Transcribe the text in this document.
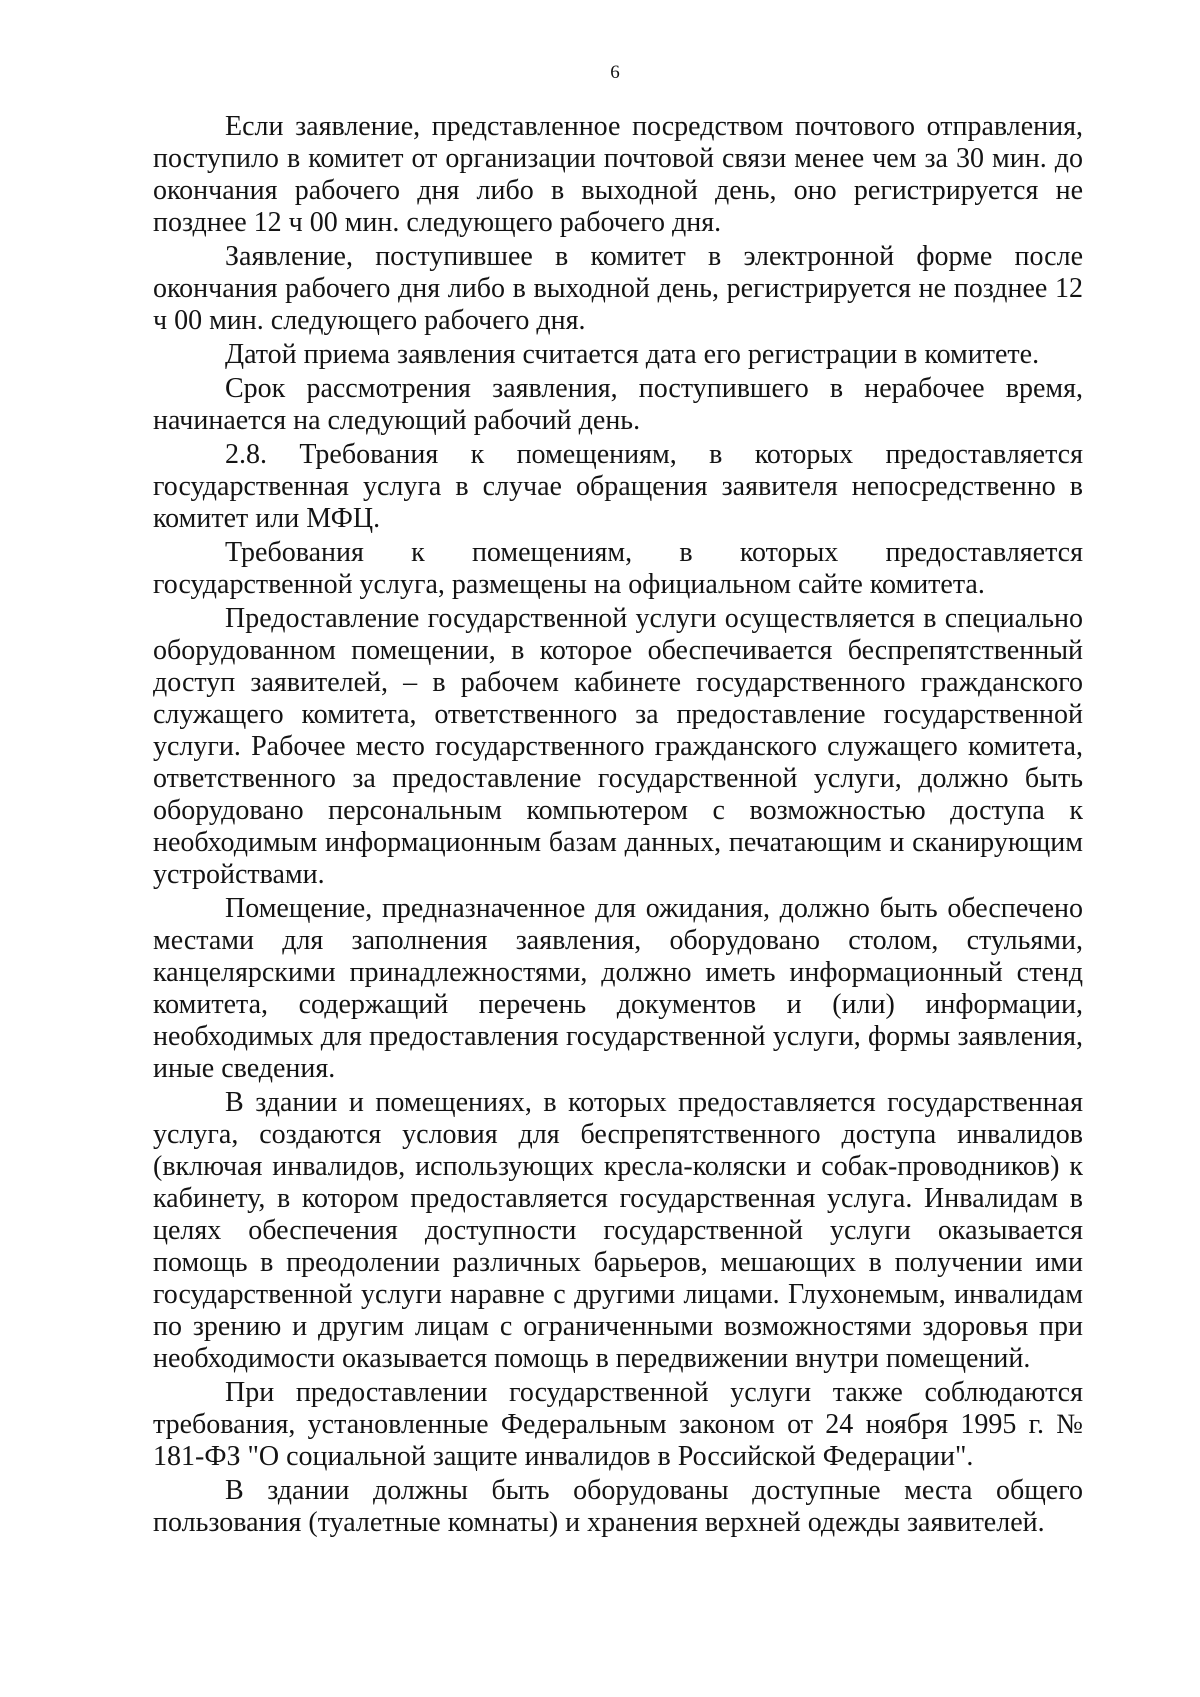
6

Если заявление, представленное посредством почтового отправления, поступило в комитет от организации почтовой связи менее чем за 30 мин. до окончания рабочего дня либо в выходной день, оно регистрируется не позднее 12 ч 00 мин. следующего рабочего дня.

Заявление, поступившее в комитет в электронной форме после окончания рабочего дня либо в выходной день, регистрируется не позднее 12 ч 00 мин. следующего рабочего дня.

Датой приема заявления считается дата его регистрации в комитете.

Срок рассмотрения заявления, поступившего в нерабочее время, начинается на следующий рабочий день.

2.8. Требования к помещениям, в которых предоставляется государственная услуга в случае обращения заявителя непосредственно в комитет или МФЦ.

Требования к помещениям, в которых предоставляется государственной услуга, размещены на официальном сайте комитета.

Предоставление государственной услуги осуществляется в специально оборудованном помещении, в которое обеспечивается беспрепятственный доступ заявителей, – в рабочем кабинете государственного гражданского служащего комитета, ответственного за предоставление государственной услуги. Рабочее место государственного гражданского служащего комитета, ответственного за предоставление государственной услуги, должно быть оборудовано персональным компьютером с возможностью доступа к необходимым информационным базам данных, печатающим и сканирующим устройствами.

Помещение, предназначенное для ожидания, должно быть обеспечено местами для заполнения заявления, оборудовано столом, стульями, канцелярскими принадлежностями, должно иметь информационный стенд комитета, содержащий перечень документов и (или) информации, необходимых для предоставления государственной услуги, формы заявления, иные сведения.

В здании и помещениях, в которых предоставляется государственная услуга, создаются условия для беспрепятственного доступа инвалидов (включая инвалидов, использующих кресла-коляски и собак-проводников) к кабинету, в котором предоставляется государственная услуга. Инвалидам в целях обеспечения доступности государственной услуги оказывается помощь в преодолении различных барьеров, мешающих в получении ими государственной услуги наравне с другими лицами. Глухонемым, инвалидам по зрению и другим лицам с ограниченными возможностями здоровья при необходимости оказывается помощь в передвижении внутри помещений.

При предоставлении государственной услуги также соблюдаются требования, установленные Федеральным законом от 24 ноября 1995 г. № 181-ФЗ "О социальной защите инвалидов в Российской Федерации".

В здании должны быть оборудованы доступные места общего пользования (туалетные комнаты) и хранения верхней одежды заявителей.
